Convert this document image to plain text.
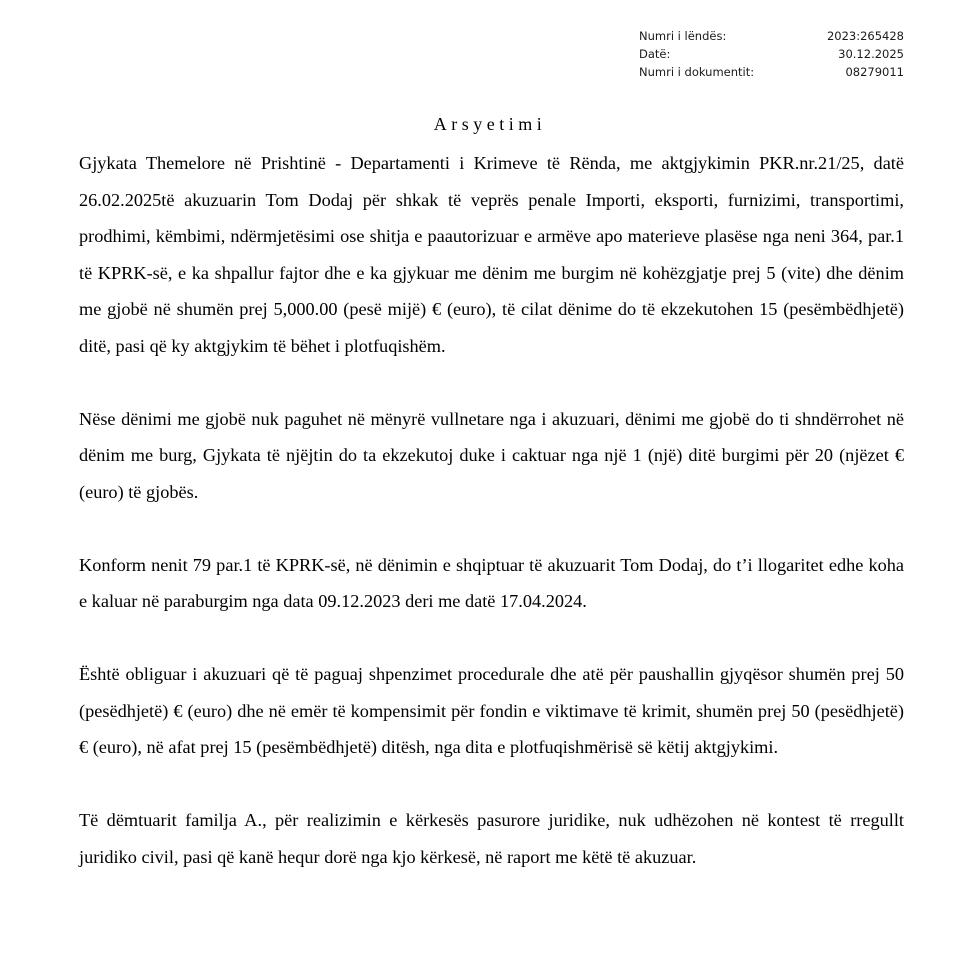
Numri i lëndës:	2023:265428
Datë:	30.12.2025
Numri i dokumentit:	08279011
Arsyetimi

Gjykata Themelore në Prishtinë - Departamenti i Krimeve të Rënda, me aktgjykimin PKR.nr.21/25, datë 26.02.2025të akuzuarin Tom Dodaj për shkak të veprës penale Importi, eksporti, furnizimi, transportimi, prodhimi, këmbimi, ndërmjetësimi ose shitja e paautorizuar e armëve apo materieve plasëse nga neni 364, par.1 të KPRK-së, e ka shpallur fajtor dhe e ka gjykuar me dënim me burgim në kohëzgjatje prej 5 (vite) dhe dënim me gjobë në shumën prej 5,000.00 (pesë mijë) € (euro), të cilat dënime do të ekzekutohen 15 (pesëmbëdhjetë) ditë, pasi që ky aktgjykim të bëhet i plotfuqishëm.

Nëse dënimi me gjobë nuk paguhet në mënyrë vullnetare nga i akuzuari, dënimi me gjobë do ti shndërrohet në dënim me burg, Gjykata të njëjtin do ta ekzekutoj duke i caktuar nga një 1 (një) ditë burgimi për 20 (njëzet € (euro) të gjobës.

Konform nenit 79 par.1 të KPRK-së, në dënimin e shqiptuar të akuzuarit Tom Dodaj, do t’i llogaritet edhe koha e kaluar në paraburgim nga data 09.12.2023 deri me datë 17.04.2024.

Është obliguar i akuzuari që të paguaj shpenzimet procedurale dhe atë për paushallin gjyqësor shumën prej 50 (pesëdhjetë) € (euro) dhe në emër të kompensimit për fondin e viktimave të krimit, shumën prej 50 (pesëdhjetë) € (euro), në afat prej 15 (pesëmbëdhjetë) ditësh, nga dita e plotfuqishmërisë së këtij aktgjykimi.

Të dëmtuarit familja A., për realizimin e kërkesës pasurore juridike, nuk udhëzohen në kontest të rregullt juridiko civil, pasi që kanë hequr dorë nga kjo kërkesë, në raport me këtë të akuzuar.
